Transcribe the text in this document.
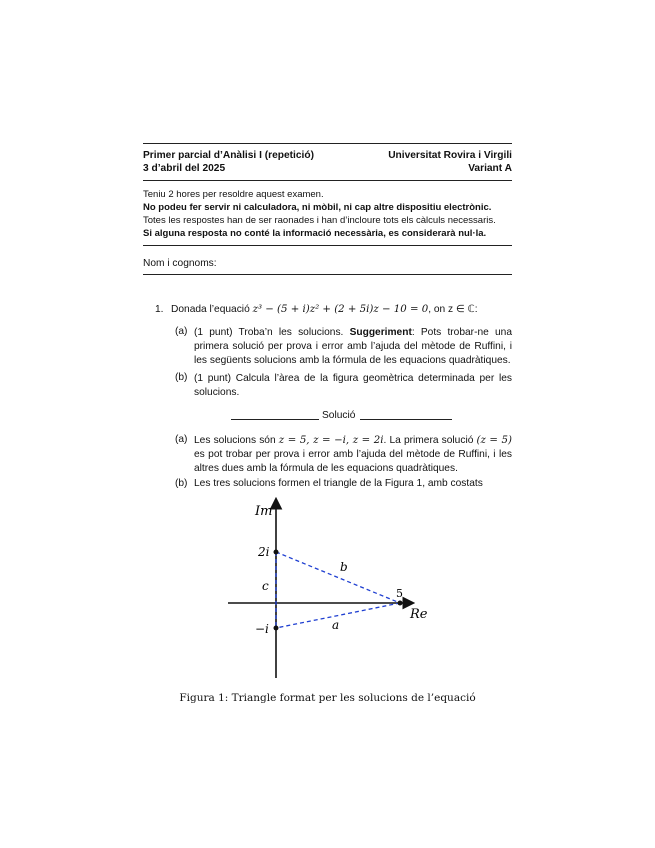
Primer parcial d’Anàlisi I (repetició)
3 d’abril del 2025
Universitat Rovira i Virgili
Variant A
Teniu 2 hores per resoldre aquest examen.
No podeu fer servir ni calculadora, ni mòbil, ni cap altre dispositiu electrònic.
Totes les respostes han de ser raonades i han d’incloure tots els càlculs necessaris.
Si alguna resposta no conté la informació necessària, es considerarà nul·la.
Nom i cognoms:
1. Donada l’equació z³ − (5 + i)z² + (2 + 5i)z − 10 = 0, on z ∈ ℂ:
(a) (1 punt) Troba’n les solucions. Suggeriment: Pots trobar-ne una primera solució per prova i error amb l’ajuda del mètode de Ruffini, i les següents solucions amb la fórmula de les equacions quadràtiques.
(b) (1 punt) Calcula l’àrea de la figura geomètrica determinada per les solucions.
Solució
(a) Les solucions són z = 5, z = −i, z = 2i. La primera solució (z = 5) es pot trobar per prova i error amb l’ajuda del mètode de Ruffini, i les altres dues amb la fórmula de les equacions quadràtiques.
(b) Les tres solucions formen el triangle de la Figura 1, amb costats
Im
Re
2i
−i
5
a
b
c
Figura 1: Triangle format per les solucions de l’equació
